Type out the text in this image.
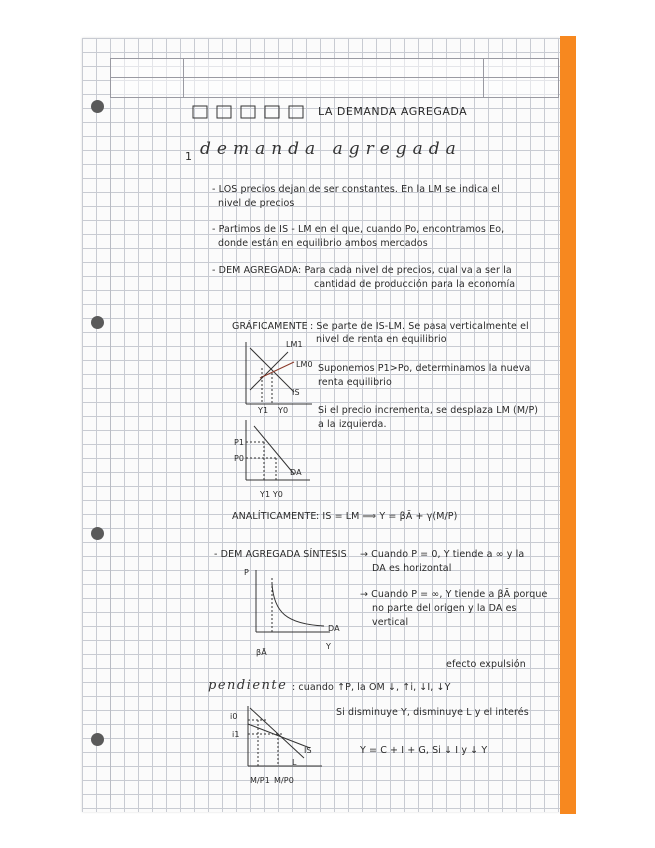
LA DEMANDA AGREGADA
1 demanda agregada
- LOS precios dejan de ser constantes. En la LM se indica el
nivel de precios
- Partimos de IS - LM en el que, cuando Po, encontramos Eo,
donde están en equilibrio ambos mercados
- DEM AGREGADA: Para cada nivel de precios, cual va a ser la
cantidad de producción para la economía
GRÁFICAMENTE : Se parte de IS-LM. Se pasa verticalmente el
nivel de renta en equilibrio
Suponemos P1>Po, determinamos la nueva
renta equilibrio
Si el precio incrementa, se desplaza LM (M/P)
a la izquierda.
LM1
LM0
IS
Y1 Y0
P1
P0
DA
Y1 Y0
ANALÍTICAMENTE : IS = LM ⟹ Y = βĀ + γ(M/P)
- DEM AGREGADA SÍNTESIS → Cuando P = 0, Y tiende a ∞ y la
DA es horizontal
→ Cuando P = ∞, Y tiende a βĀ porque
no parte del origen y la DA es
vertical
P
Y
DA
βĀ
efecto expulsión
pendiente : cuando ↑P, la OM ↓, ↑i, ↓I, ↓Y
Si disminuye Y, disminuye L y el interés
Y = C + I + G, Si ↓ I y ↓ Y
i0
i1
IS
L
M/P1 M/P0
